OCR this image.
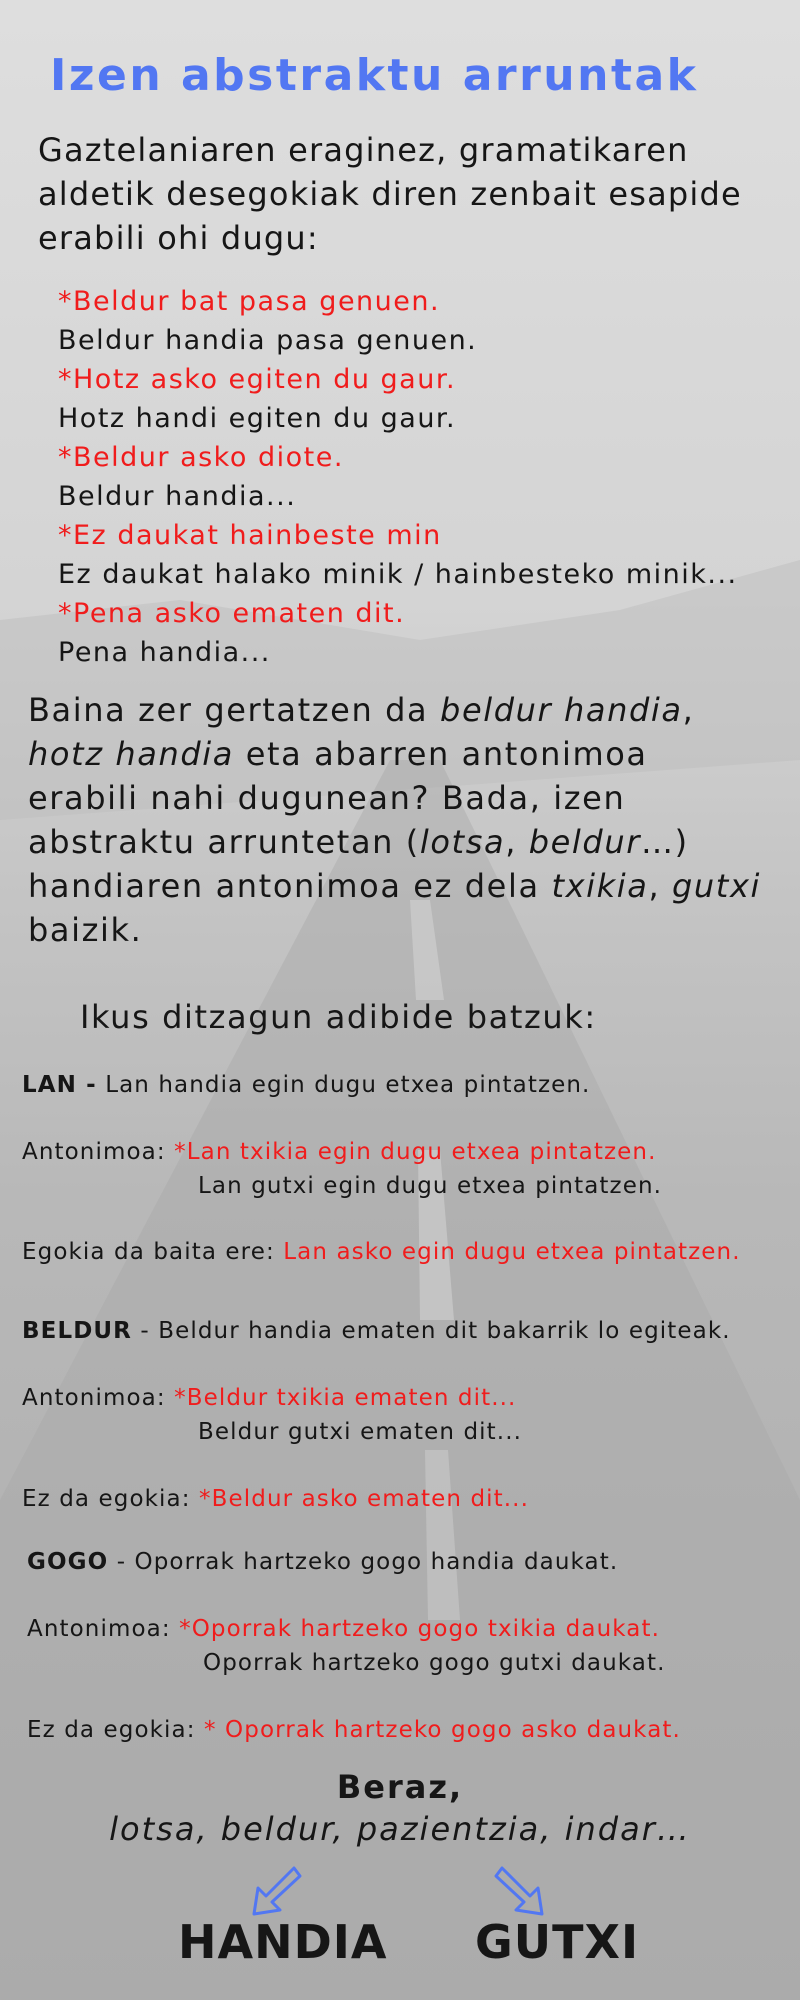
Izen abstraktu arruntak

Gaztelaniaren eraginez, gramatikaren aldetik desegokiak diren zenbait esapide erabili ohi dugu:

*Beldur bat pasa genuen.
Beldur handia pasa genuen.
*Hotz asko egiten du gaur.
Hotz handi egiten du gaur.
*Beldur asko diote.
Beldur handia...
*Ez daukat hainbeste min
Ez daukat halako minik / hainbesteko minik...
*Pena asko ematen dit.
Pena handia...

Baina zer gertatzen da beldur handia, hotz handia eta abarren antonimoa erabili nahi dugunean? Bada, izen abstraktu arruntetan (lotsa, beldur…) handiaren antonimoa ez dela txikia, gutxi baizik.

Ikus ditzagun adibide batzuk:
LAN - Lan handia egin dugu etxea pintatzen.
Antonimoa: *Lan txikia egin dugu etxea pintatzen.
Lan gutxi egin dugu etxea pintatzen.
Egokia da baita ere: Lan asko egin dugu etxea pintatzen.
BELDUR - Beldur handia ematen dit bakarrik lo egiteak.
Antonimoa: *Beldur txikia ematen dit...
Beldur gutxi ematen dit...
Ez da egokia: *Beldur asko ematen dit...
GOGO - Oporrak hartzeko gogo handia daukat.
Antonimoa: *Oporrak hartzeko gogo txikia daukat.
Oporrak hartzeko gogo gutxi daukat.
Ez da egokia: * Oporrak hartzeko gogo asko daukat.
Beraz,
lotsa, beldur, pazientzia, indar…
HANDIA GUTXI
